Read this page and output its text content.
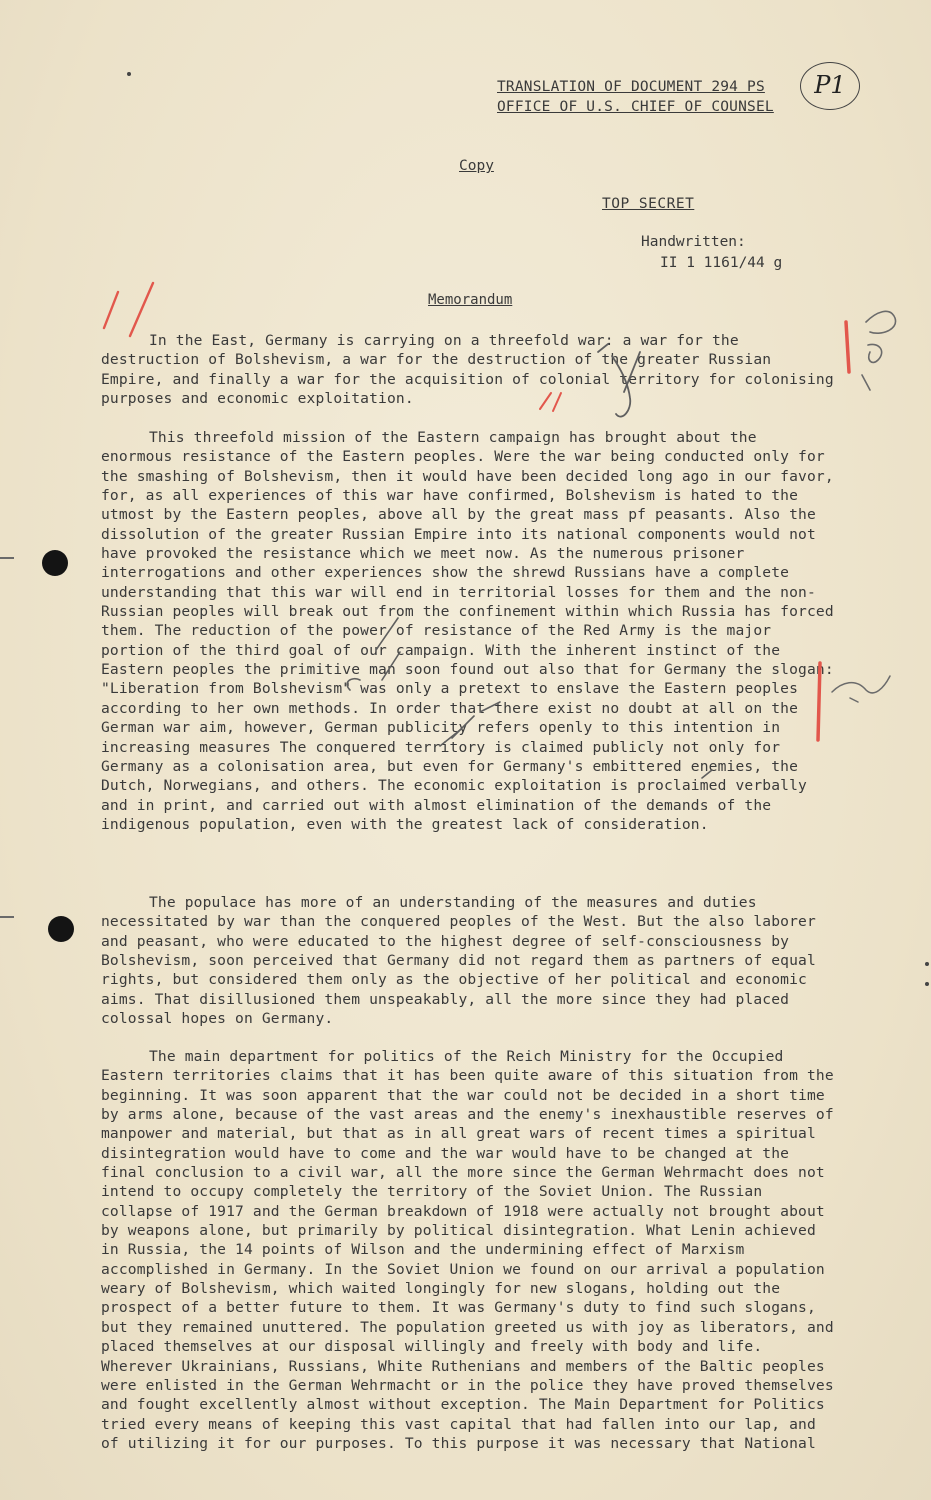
TRANSLATION OF DOCUMENT 294 PS
OFFICE OF U.S. CHIEF OF COUNSEL
P1
Copy
TOP SECRET
Handwritten:
II 1 1161/44 g
Memorandum

In the East, Germany is carrying on a threefold war: a war for the destruction of Bolshevism, a war for the destruction of the greater Russian Empire, and finally a war for the acquisition of colonial territory for colonising purposes and economic exploitation.

This threefold mission of the Eastern campaign has brought about the enormous resistance of the Eastern peoples. Were the war being conducted only for the smashing of Bolshevism, then it would have been decided long ago in our favor, for, as all experiences of this war have confirmed, Bolshevism is hated to the utmost by the Eastern peoples, above all by the great mass pf peasants. Also the dissolution of the greater Russian Empire into its national components would not have provoked the resistance which we meet now. As the numerous prisoner interrogations and other experiences show the shrewd Russians have a complete understanding that this war will end in territorial losses for them and the non-Russian peoples will break out from the confinement within which Russia has forced them. The reduction of the power of resistance of the Red Army is the major portion of the third goal of our campaign. With the inherent instinct of the Eastern peoples the primitive man soon found out also that for Germany the slogan: "Liberation from Bolshevism" was only a pretext to enslave the Eastern peoples according to her own methods. In order that there exist no doubt at all on the German war aim, however, German publicity refers openly to this intention in increasing measures The conquered territory is claimed publicly not only for Germany as a colonisation area, but even for Germany's embittered enemies, the Dutch, Norwegians, and others. The economic exploitation is proclaimed verbally and in print, and carried out with almost elimination of the demands of the indigenous population, even with the greatest lack of consideration.

The populace has more of an understanding of the measures and duties necessitated by war than the conquered peoples of the West. But the also laborer and peasant, who were educated to the highest degree of self-consciousness by Bolshevism, soon perceived that Germany did not regard them as partners of equal rights, but considered them only as the objective of her political and economic aims. That disillusioned them unspeakably, all the more since they had placed colossal hopes on Germany.

The main department for politics of the Reich Ministry for the Occupied Eastern territories claims that it has been quite aware of this situation from the beginning. It was soon apparent that the war could not be decided in a short time by arms alone, because of the vast areas and the enemy's inexhaustible reserves of manpower and material, but that as in all great wars of recent times a spiritual disintegration would have to come and the war would have to be changed at the final conclusion to a civil war, all the more since the German Wehrmacht does not intend to occupy completely the territory of the Soviet Union. The Russian collapse of 1917 and the German breakdown of 1918 were actually not brought about by weapons alone, but primarily by political disintegration. What Lenin achieved in Russia, the 14 points of Wilson and the undermining effect of Marxism accomplished in Germany. In the Soviet Union we found on our arrival a population weary of Bolshevism, which waited longingly for new slogans, holding out the prospect of a better future to them. It was Germany's duty to find such slogans, but they remained unuttered. The population greeted us with joy as liberators, and placed themselves at our disposal willingly and freely with body and life. Wherever Ukrainians, Russians, White Ruthenians and members of the Baltic peoples were enlisted in the German Wehrmacht or in the police they have proved themselves and fought excellently almost without exception. The Main Department for Politics tried every means of keeping this vast capital that had fallen into our lap, and of utilizing it for our purposes. To this purpose it was necessary that National
